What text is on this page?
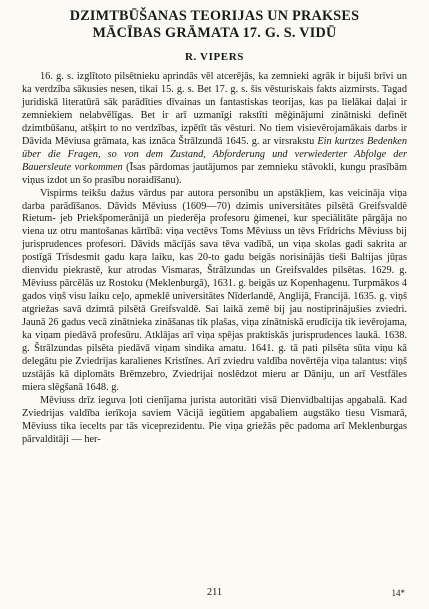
DZIMTBŪŠANAS TEORIJAS UN PRAKSES
MĀCĪBAS GRĀMATA 17. G. S. VIDŪ
R. VIPERS

16. g. s. izglītoto pilsētnieku aprindās vēl atcerējās, ka zemnieki agrāk ir bijuši brīvi un ka verdzība sākusies nesen, tikai 15. g. s. Bet 17. g. s. šis vēsturiskais fakts aizmirsts. Tagad juridiskā literatūrā sāk parādīties dīvainas un fantastiskas teorijas, kas pa lielākai daļai ir zemniekiem nelabvēlīgas. Bet ir arī uzmanīgi rakstīti mēģinājumi zinātniski definēt dzimtbūšanu, atšķirt to no verdzības, izpētīt tās vēsturi. No tiem visievērojamākais darbs ir Dāvida Mēviusa grāmata, kas iznāca Štrālzundā 1645. g. ar virsrakstu Ein kurtzes Bedenken über die Fragen, so von dem Zustand, Abforderung und verwiederter Abfolge der Bauersleute vorkommen (Īsas pārdomas jautājumos par zemnieku stāvokli, kungu prasībām viņus izdot un šo prasību noraidīšanu).

Vispirms teikšu dažus vārdus par autora personību un apstākļiem, kas veicināja viņa darba parādīšanos. Dāvids Mēviuss (1609—70) dzimis universitātes pilsētā Greifsvaldē Rietum- jeb Priekšpomerānijā un piederēja profesoru ģimenei, kur speciālitāte pārgāja no viena uz otru mantošanas kārtībā: viņa vectēvs Toms Mēviuss un tēvs Frīdrichs Mēviuss bij jurisprudences profesori. Dāvids mācījās sava tēva vadībā, un viņa skolas gadi sakrita ar postīgā Trīsdesmit gadu kaŗa laiku, kas 20-to gadu beigās norisinājās tieši Baltijas jūŗas dienvidu piekrastē, kur atrodas Vismaras, Štrālzundas un Greifsvaldes pilsētas. 1629. g. Mēviuss pārcēlās uz Rostoku (Meklenburgā), 1631. g. beigās uz Kopenhagenu. Turpmākos 4 gados viņš visu laiku ceļo, apmeklē universitātes Nīderlandē, Anglijā, Francijā. 1635. g. viņš atgriežas savā dzimtā pilsētā Greifsvaldē. Sai laikā zemē bij jau nostiprinājušies zviedri. Jaunā 26 gadus vecā zinātnieka zināšanas tik plašas, viņa zinātniskā erudīcija tik ievērojama, ka viņam piedāvā profesūru. Atklājas arī viņa spējas praktiskās jurisprudences laukā. 1638. g. Štrālzundas pilsēta piedāvā viņam sindika amatu. 1641. g. tā pati pilsēta sūta viņu kā delegātu pie Zviedrijas karalienes Kristīnes. Arī zviedru valdība novērtēja viņa talantus: viņš uzstājās kā diplomāts Brēmzebro, Zviedrijai noslēdzot mieru ar Dāniju, un arī Vestfāles miera slēgšanā 1648. g.

Mēviuss drīz ieguva ļoti cienījama jurista autoritāti visā Dienvidbaltijas apgabalā. Kad Zviedrijas valdība ierīkoja saviem Vācijā iegūtiem apgabaliem augstāko tiesu Vismarā, Mēviuss tika iecelts par tās viceprezidentu. Pie viņa griežās pēc padoma arī Meklenburgas pārvalditāji — her-

211	14*
